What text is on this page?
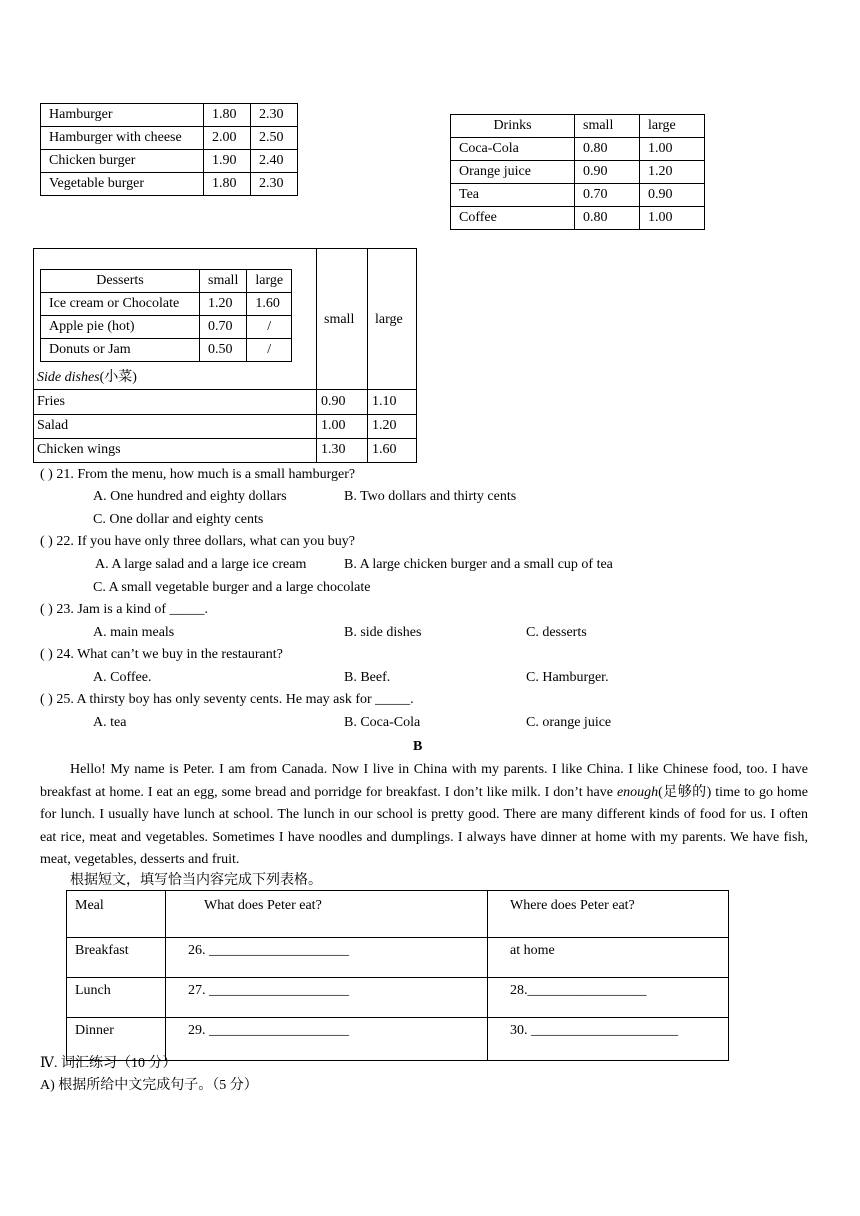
Hamburger	1.80	2.30
Hamburger with cheese	2.00	2.50
Chicken burger	1.90	2.40
Vegetable burger	1.80	2.30
Drinks	small	large
Coca-Cola	0.80	1.00
Orange juice	0.90	1.20
Tea	0.70	0.90
Coffee	0.80	1.00
small large
Side dishes(小菜)
Fries	0.90 1.10
Salad	1.00 1.20
Chicken wings	1.30 1.60
Desserts	small	large
Ice cream or Chocolate	1.20	1.60
Apple pie (hot)	0.70	/
Donuts or Jam	0.50	/
( ) 21. From the menu, how much is a small hamburger?
A. One hundred and eighty dollars	B. Two dollars and thirty cents
C. One dollar and eighty cents
( ) 22. If you have only three dollars, what can you buy?
A. A large salad and a large ice cream	B. A large chicken burger and a small cup of tea
C. A small vegetable burger and a large chocolate
( ) 23. Jam is a kind of _____.
A. main meals	B. side dishes	C. desserts
( ) 24. What can’t we buy in the restaurant?
A. Coffee.	B. Beef.	C. Hamburger.
( ) 25. A thirsty boy has only seventy cents. He may ask for _____.
A. tea	B. Coca-Cola	C. orange juice
B
Hello! My name is Peter. I am from Canada. Now I live in China with my parents. I like China. I like Chinese food, too. I have breakfast at home. I eat an egg, some bread and porridge for breakfast. I don’t like milk. I don’t have enough(足够的) time to go home for lunch. I usually have lunch at school. The lunch in our school is pretty good. There are many different kinds of food for us. I often eat rice, meat and vegetables. Sometimes I have noodles and dumplings. I always have dinner at home with my parents. We have fish, meat, vegetables, desserts and fruit.
根据短文，填写恰当内容完成下列表格。
Meal	What does Peter eat?	Where does Peter eat?
Breakfast	26. ____________________	at home
Lunch	27. ____________________	28._________________
Dinner	29. ____________________	30. _____________________
Ⅳ. 词汇练习（10 分）
A) 根据所给中文完成句子。（5 分）
